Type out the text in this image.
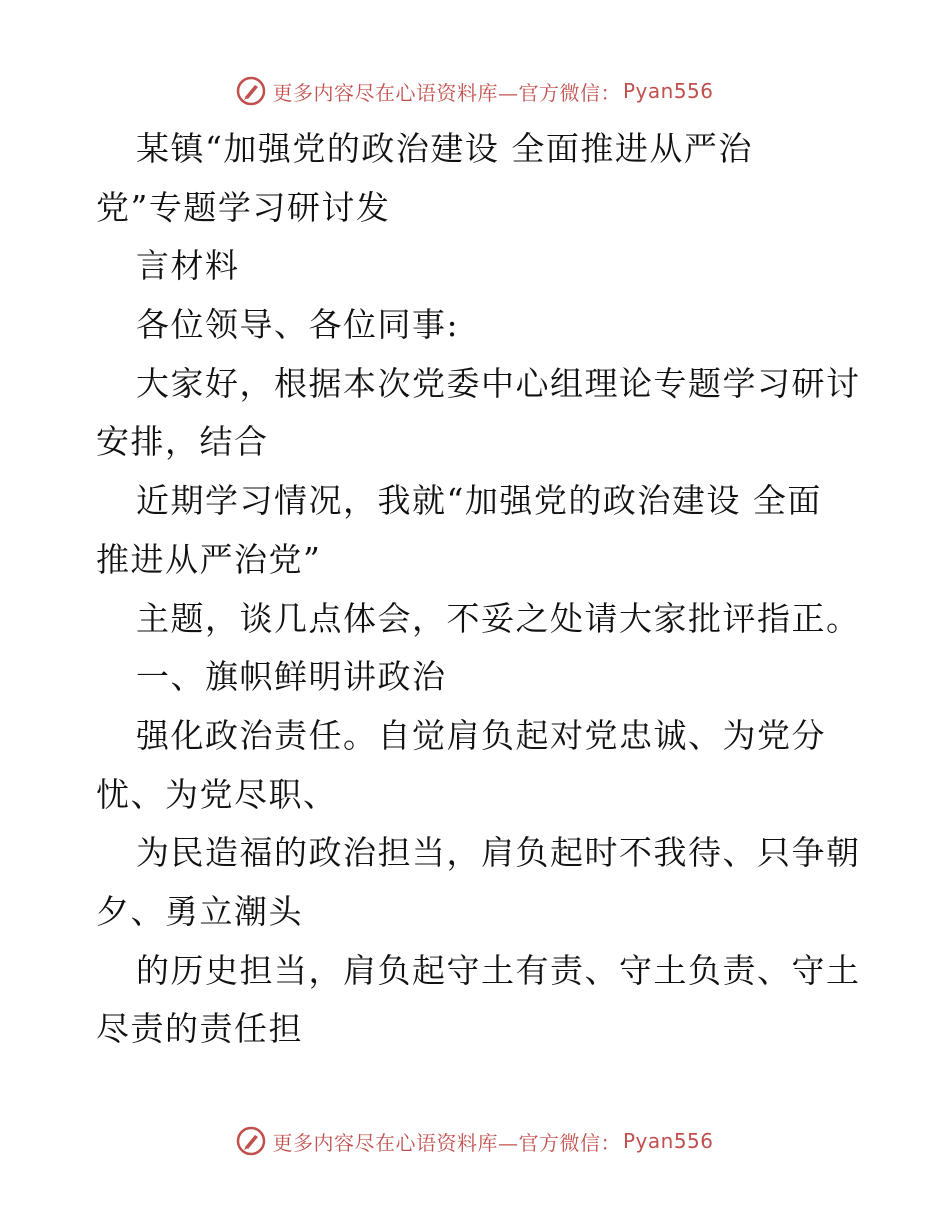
更多内容尽在心语资料库—官方微信： Pyan556
某镇“加强党的政治建设 全面推进从严治
党”专题学习研讨发
言材料
各位领导、各位同事:
大家好，根据本次党委中心组理论专题学习研讨
安排，结合
近期学习情况，我就“加强党的政治建设 全面
推进从严治党”
主题，谈几点体会，不妥之处请大家批评指正。
一、旗帜鲜明讲政治
强化政治责任。自觉肩负起对党忠诚、为党分
忧、为党尽职、
为民造福的政治担当，肩负起时不我待、只争朝
夕、勇立潮头
的历史担当，肩负起守土有责、守土负责、守土
尽责的责任担
更多内容尽在心语资料库—官方微信： Pyan556
